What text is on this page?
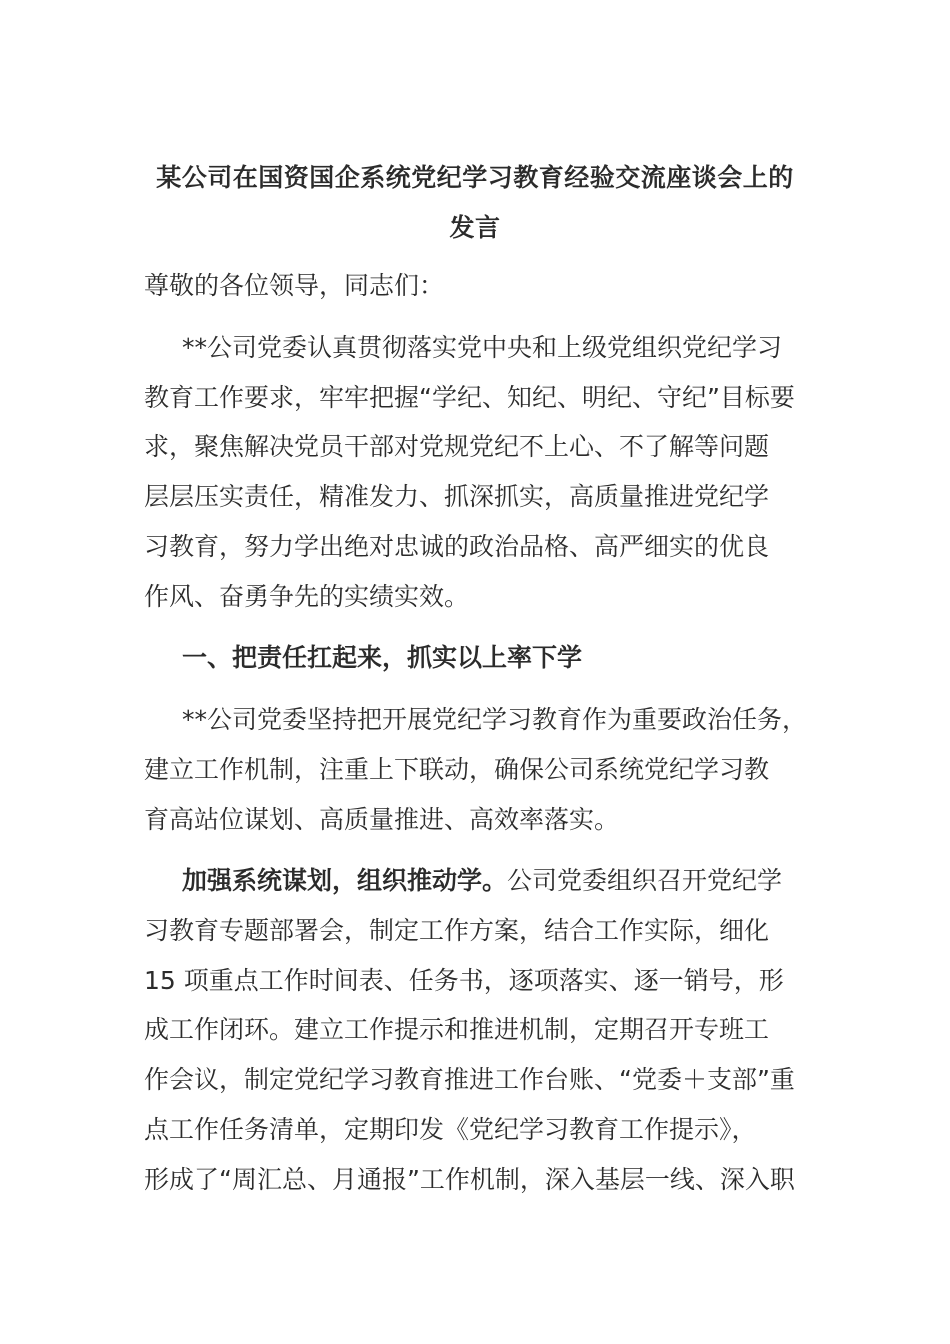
某公司在国资国企系统党纪学习教育经验交流座谈会上的
发言
尊敬的各位领导，同志们：
**公司党委认真贯彻落实党中央和上级党组织党纪学习
教育工作要求，牢牢把握“学纪、知纪、明纪、守纪”目标要
求，聚焦解决党员干部对党规党纪不上心、不了解等问题
层层压实责任，精准发力、抓深抓实，高质量推进党纪学
习教育，努力学出绝对忠诚的政治品格、高严细实的优良
作风、奋勇争先的实绩实效。
一、把责任扛起来，抓实以上率下学
**公司党委坚持把开展党纪学习教育作为重要政治任务，
建立工作机制，注重上下联动，确保公司系统党纪学习教
育高站位谋划、高质量推进、高效率落实。
加强系统谋划，组织推动学。公司党委组织召开党纪学
习教育专题部署会，制定工作方案，结合工作实际，细化
15 项重点工作时间表、任务书，逐项落实、逐一销号，形
成工作闭环。建立工作提示和推进机制，定期召开专班工
作会议，制定党纪学习教育推进工作台账、“党委＋支部”重
点工作任务清单，定期印发《党纪学习教育工作提示》，
形成了“周汇总、月通报”工作机制，深入基层一线、深入职
